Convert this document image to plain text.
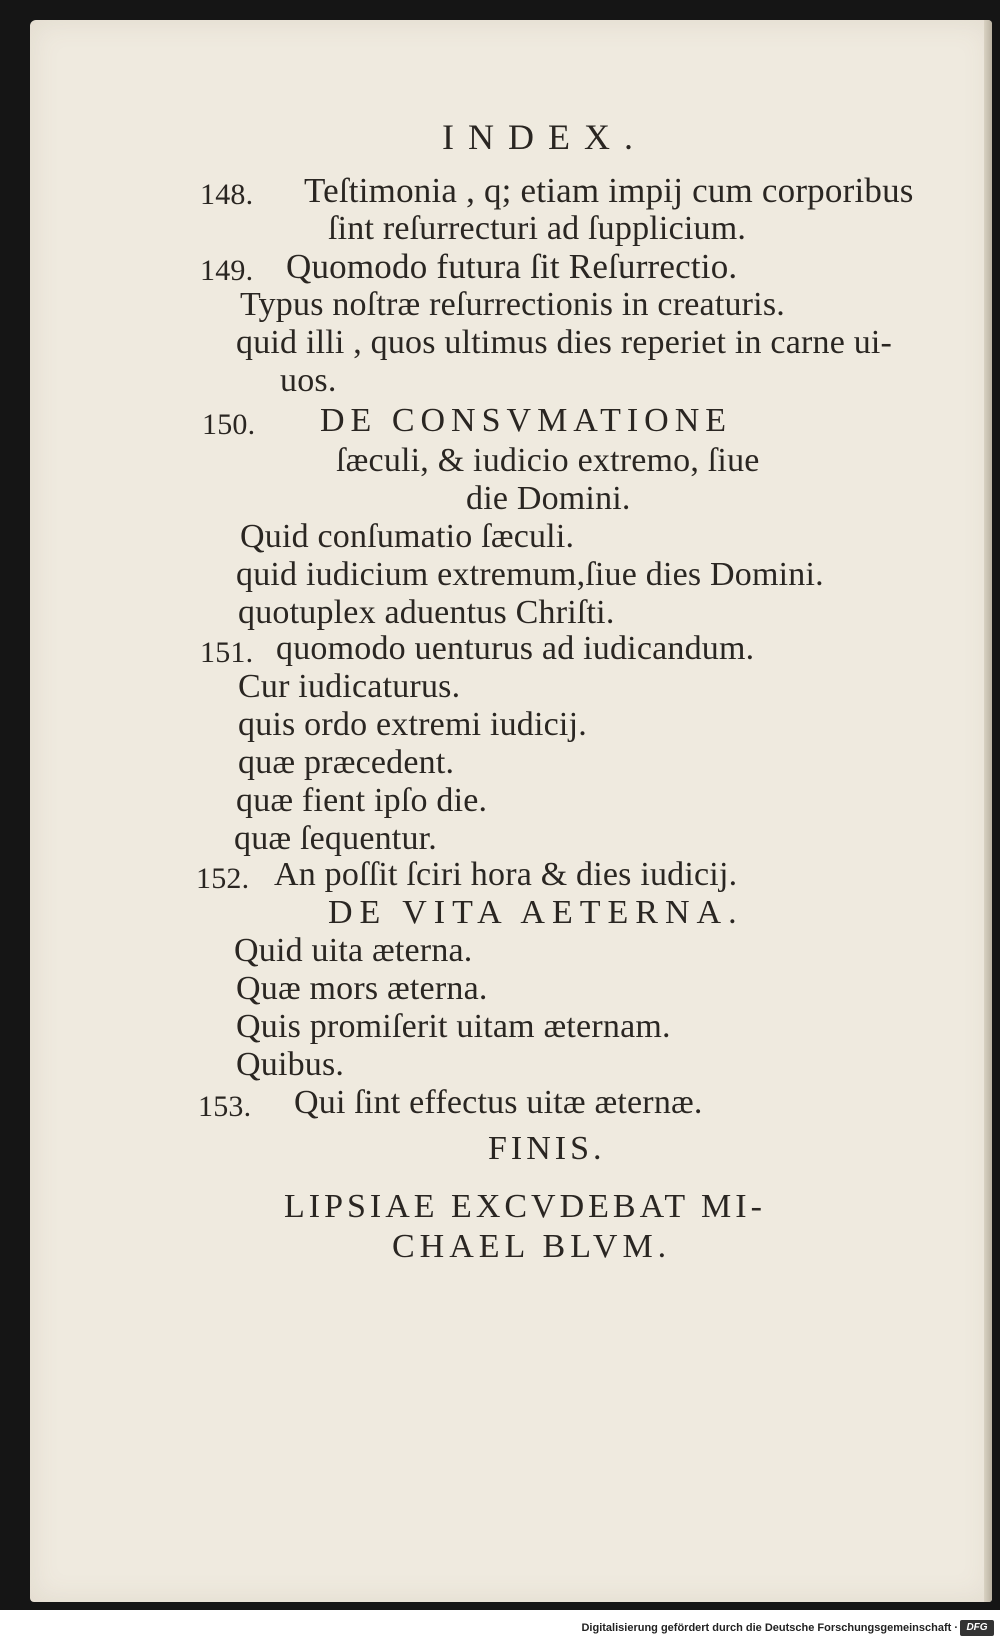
INDEX.
148. Teſtimonia , q; etiam impij cum corporibus
ſint reſurrecturi ad ſupplicium.
149. Quomodo futura ſit Reſurrectio.
Typus noſtræ reſurrectionis in creaturis.
quid illi , quos ultimus dies reperiet in carne ui-
uos.
150. DE CONSVMATIONE
ſæculi, & iudicio extremo, ſiue
die Domini.
Quid conſumatio ſæculi.
quid iudicium extremum,ſiue dies Domini.
quotuplex aduentus Chriſti.
151. quomodo uenturus ad iudicandum.
Cur iudicaturus.
quis ordo extremi iudicij.
quæ præcedent.
quæ fient ipſo die.
quæ ſequentur.
152. An poſſit ſciri hora & dies iudicij.
DE VITA AETERNA.
Quid uita æterna.
Quæ mors æterna.
Quis promiſerit uitam æternam.
Quibus.
153. Qui ſint effectus uitæ æternæ.
FINIS.
LIPSIAE EXCVDEBAT MI-
CHAEL BLVM.
Digitalisierung gefördert durch die Deutsche Forschungsgemeinschaft · DFG
